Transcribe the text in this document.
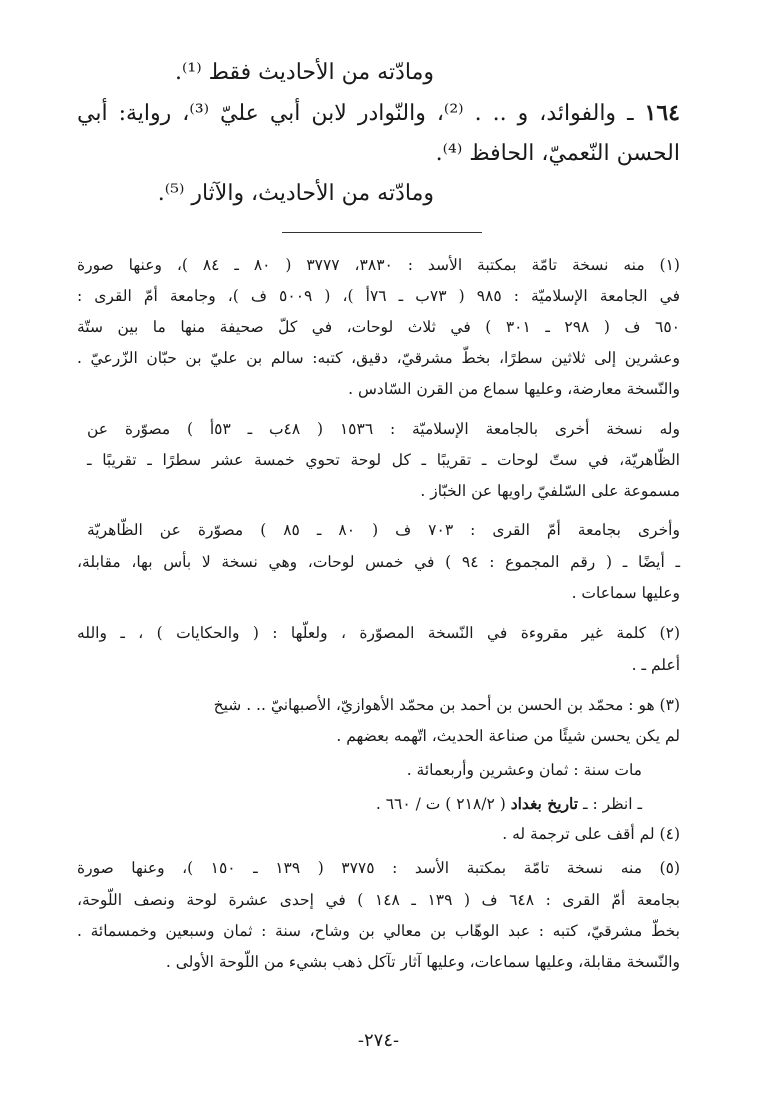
ومادّته من الأحاديث فقط ⁽¹⁾.
١٦٤ ـ والفوائد، و .. . ⁽²⁾، والنّوادر لابن أبي عليّ ⁽³⁾، رواية: أبي
الحسن النّعميّ، الحافظ ⁽⁴⁾.
ومادّته من الأحاديث، والآثار ⁽⁵⁾.
(١) منه نسخة تامّة بمكتبة الأسد : ٣٨٣٠، ٣٧٧٧ ( ٨٠ ـ ٨٤ )، وعنها صورة
في الجامعة الإسلاميّة : ٩٨٥ ( ٧٣ب ـ ٧٦أ )، ( ٥٠٠٩ ف )، وجامعة أمّ القرى :
٦٥٠ ف ( ٢٩٨ ـ ٣٠١ ) في ثلاث لوحات، في كلّ صحيفة منها ما بين ستّة
وعشرين إلى ثلاثين سطرًا، بخطّ مشرقيّ، دقيق، كتبه: سالم بن عليّ بن حبّان الزّرعيّ .
والنّسخة معارضة، وعليها سماع من القرن السّادس .
وله نسخة أخرى بالجامعة الإسلاميّة : ١٥٣٦ ( ٤٨ب ـ ٥٣أ ) مصوّرة عن
الظّاهريّة، في ستّ لوحات ـ تقريبًا ـ كل لوحة تحوي خمسة عشر سطرًا ـ تقريبًا ـ
مسموعة على السّلفيّ راويها عن الخبّاز .
وأخرى بجامعة أمّ القرى : ٧٠٣ ف ( ٨٠ ـ ٨٥ ) مصوّرة عن الظّاهريّة
ـ أيضًا ـ ( رقم المجموع : ٩٤ ) في خمس لوحات، وهي نسخة لا بأس بها، مقابلة،
وعليها سماعات .
(٢) كلمة غير مقروءة في النّسخة المصوّرة ، ولعلّها : ( والحكايات ) ، ـ والله
أعلم ـ .
(٣) هو : محمّد بن الحسن بن أحمد بن محمّد الأهوازيّ، الأصبهانيّ .. . شيخ
لم يكن يحسن شيئًا من صناعة الحديث، اتّهمه بعضهم .
مات سنة : ثمان وعشرين وأربعمائة .
ـ انظر : ـ تاريخ بغداد ( ٢١٨/٢ ) ت / ٦٦٠ .
(٤) لم أقف على ترجمة له .
(٥) منه نسخة تامّة بمكتبة الأسد : ٣٧٧٥ ( ١٣٩ ـ ١٥٠ )، وعنها صورة
بجامعة أمّ القرى : ٦٤٨ ف ( ١٣٩ ـ ١٤٨ ) في إحدى عشرة لوحة ونصف اللّوحة،
بخطّ مشرقيّ، كتبه : عبد الوهّاب بن معالي بن وشاح، سنة : ثمان وسبعين وخمسمائة .
والنّسخة مقابلة، وعليها سماعات، وعليها آثار تآكل ذهب بشيء من اللّوحة الأولى .
-٢٧٤-
